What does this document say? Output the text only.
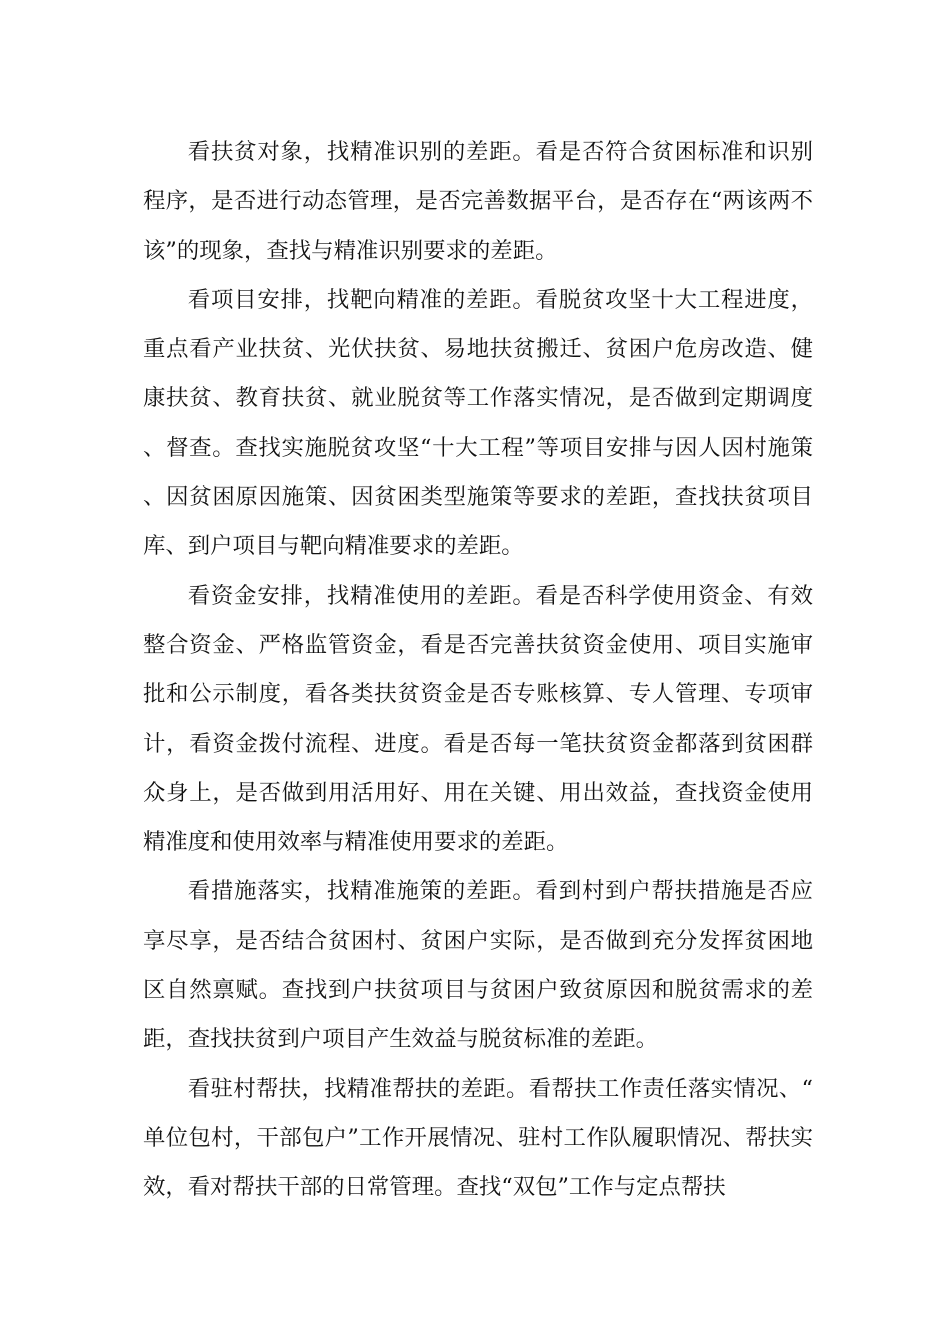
看扶贫对象，找精准识别的差距。看是否符合贫困标准和识别程序，是否进行动态管理，是否完善数据平台，是否存在“两该两不该”的现象，查找与精准识别要求的差距。

看项目安排，找靶向精准的差距。看脱贫攻坚十大工程进度，重点看产业扶贫、光伏扶贫、易地扶贫搬迁、贫困户危房改造、健康扶贫、教育扶贫、就业脱贫等工作落实情况，是否做到定期调度、督查。查找实施脱贫攻坚“十大工程”等项目安排与因人因村施策、因贫困原因施策、因贫困类型施策等要求的差距，查找扶贫项目库、到户项目与靶向精准要求的差距。

看资金安排，找精准使用的差距。看是否科学使用资金、有效整合资金、严格监管资金，看是否完善扶贫资金使用、项目实施审批和公示制度，看各类扶贫资金是否专账核算、专人管理、专项审计，看资金拨付流程、进度。看是否每一笔扶贫资金都落到贫困群众身上，是否做到用活用好、用在关键、用出效益，查找资金使用精准度和使用效率与精准使用要求的差距。

看措施落实，找精准施策的差距。看到村到户帮扶措施是否应享尽享，是否结合贫困村、贫困户实际，是否做到充分发挥贫困地区自然禀赋。查找到户扶贫项目与贫困户致贫原因和脱贫需求的差距，查找扶贫到户项目产生效益与脱贫标准的差距。

看驻村帮扶，找精准帮扶的差距。看帮扶工作责任落实情况、“单位包村，干部包户”工作开展情况、驻村工作队履职情况、帮扶实效，看对帮扶干部的日常管理。查找“双包”工作与定点帮扶
